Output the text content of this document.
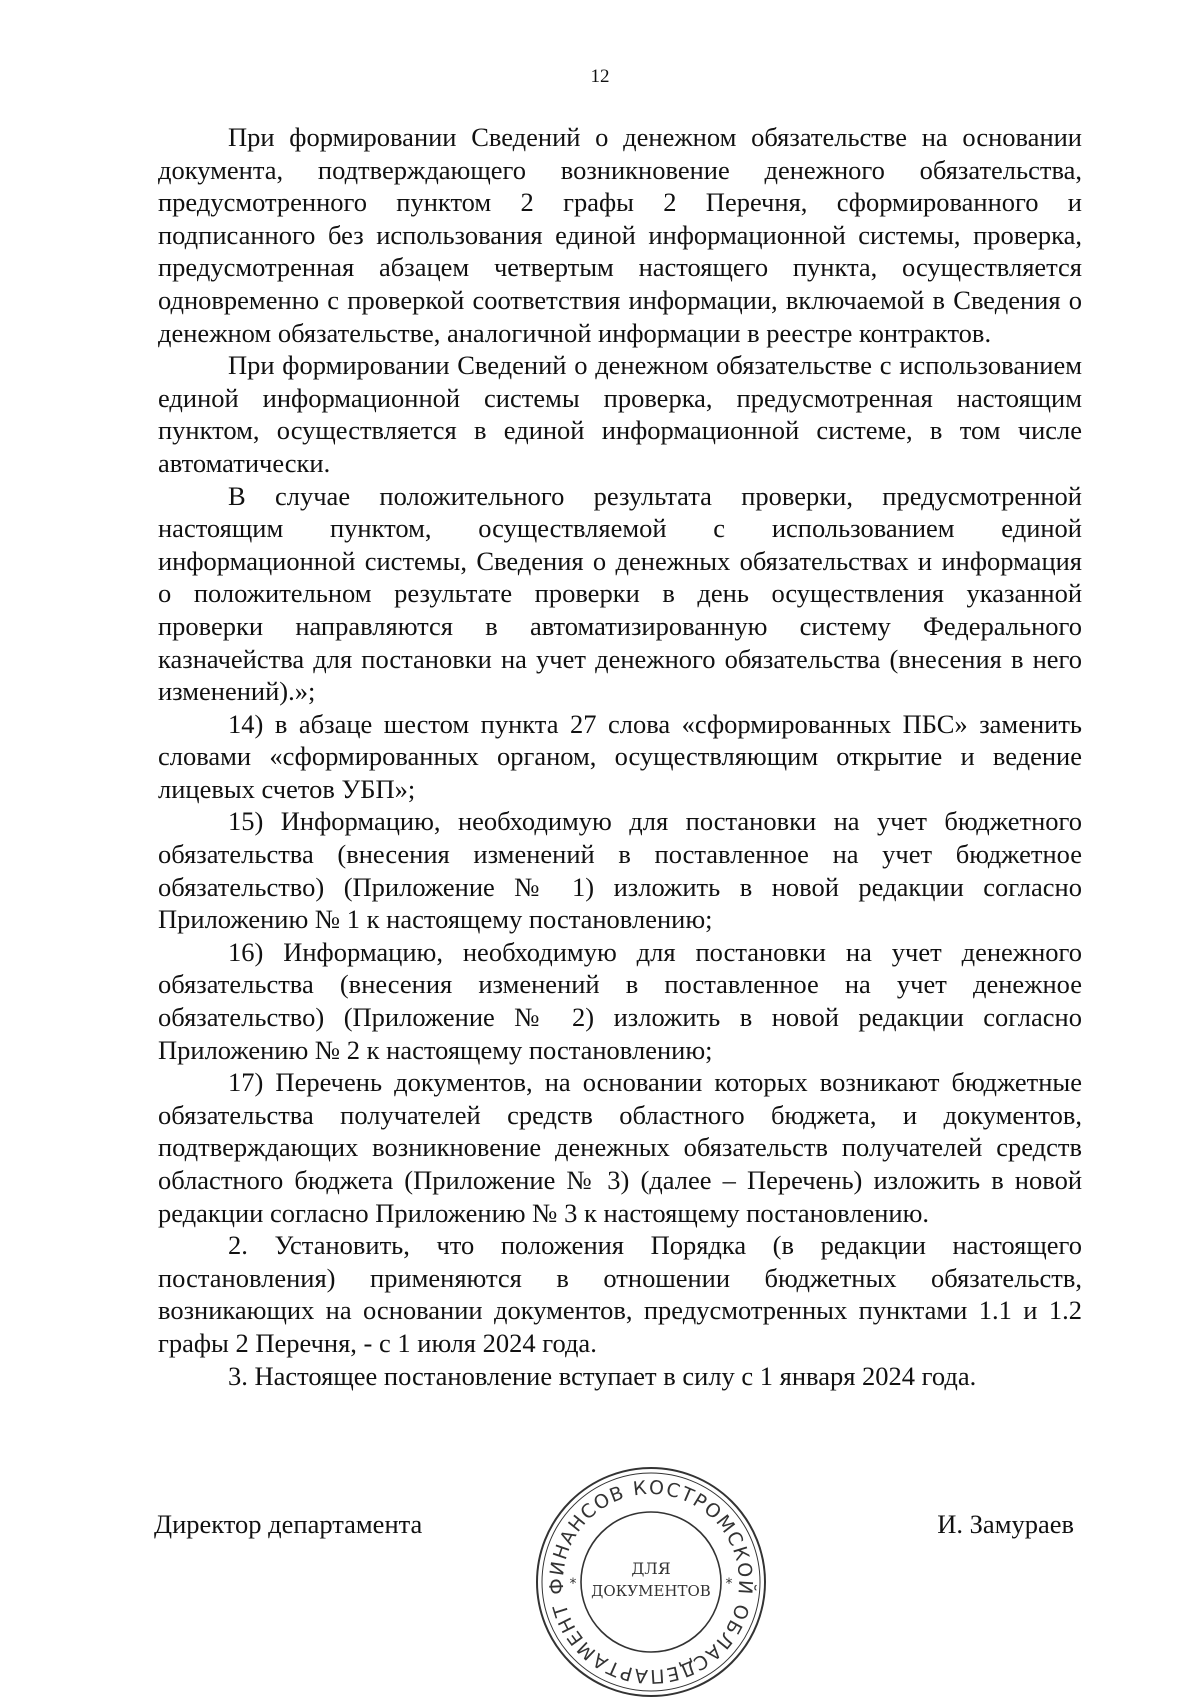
12

При формировании Сведений о денежном обязательстве на основании документа, подтверждающего возникновение денежного обязательства, предусмотренного пунктом 2 графы 2 Перечня, сформированного и подписанного без использования единой информационной системы, проверка, предусмотренная абзацем четвертым настоящего пункта, осуществляется одновременно с проверкой соответствия информации, включаемой в Сведения о денежном обязательстве, аналогичной информации в реестре контрактов.

При формировании Сведений о денежном обязательстве с использованием единой информационной системы проверка, предусмотренная настоящим пунктом, осуществляется в единой информационной системе, в том числе автоматически.

В случае положительного результата проверки, предусмотренной настоящим пунктом, осуществляемой с использованием единой информационной системы, Сведения о денежных обязательствах и информация о положительном результате проверки в день осуществления указанной проверки направляются в автоматизированную систему Федерального казначейства для постановки на учет денежного обязательства (внесения в него изменений).»;

14) в абзаце шестом пункта 27 слова «сформированных ПБС» заменить словами «сформированных органом, осуществляющим открытие и ведение лицевых счетов УБП»;

15) Информацию, необходимую для постановки на учет бюджетного обязательства (внесения изменений в поставленное на учет бюджетное обязательство) (Приложение № 1) изложить в новой редакции согласно Приложению № 1 к настоящему постановлению;

16) Информацию, необходимую для постановки на учет денежного обязательства (внесения изменений в поставленное на учет денежное обязательство) (Приложение № 2) изложить в новой редакции согласно Приложению № 2 к настоящему постановлению;

17) Перечень документов, на основании которых возникают бюджетные обязательства получателей средств областного бюджета, и документов, подтверждающих возникновение денежных обязательств получателей средств областного бюджета (Приложение № 3) (далее – Перечень) изложить в новой редакции согласно Приложению № 3 к настоящему постановлению.

2. Установить, что положения Порядка (в редакции настоящего постановления) применяются в отношении бюджетных обязательств, возникающих на основании документов, предусмотренных пунктами 1.1 и 1.2 графы 2 Перечня, - с 1 июля 2024 года.

3. Настоящее постановление вступает в силу с 1 января 2024 года.

Директор департамента	И. Замураев
ДЕПАРТАМЕНТ ФИНАНСОВ КОСТРОМСКОЙ ОБЛАСТИ
*	*
ДЛЯ
ДОКУМЕНТОВ
